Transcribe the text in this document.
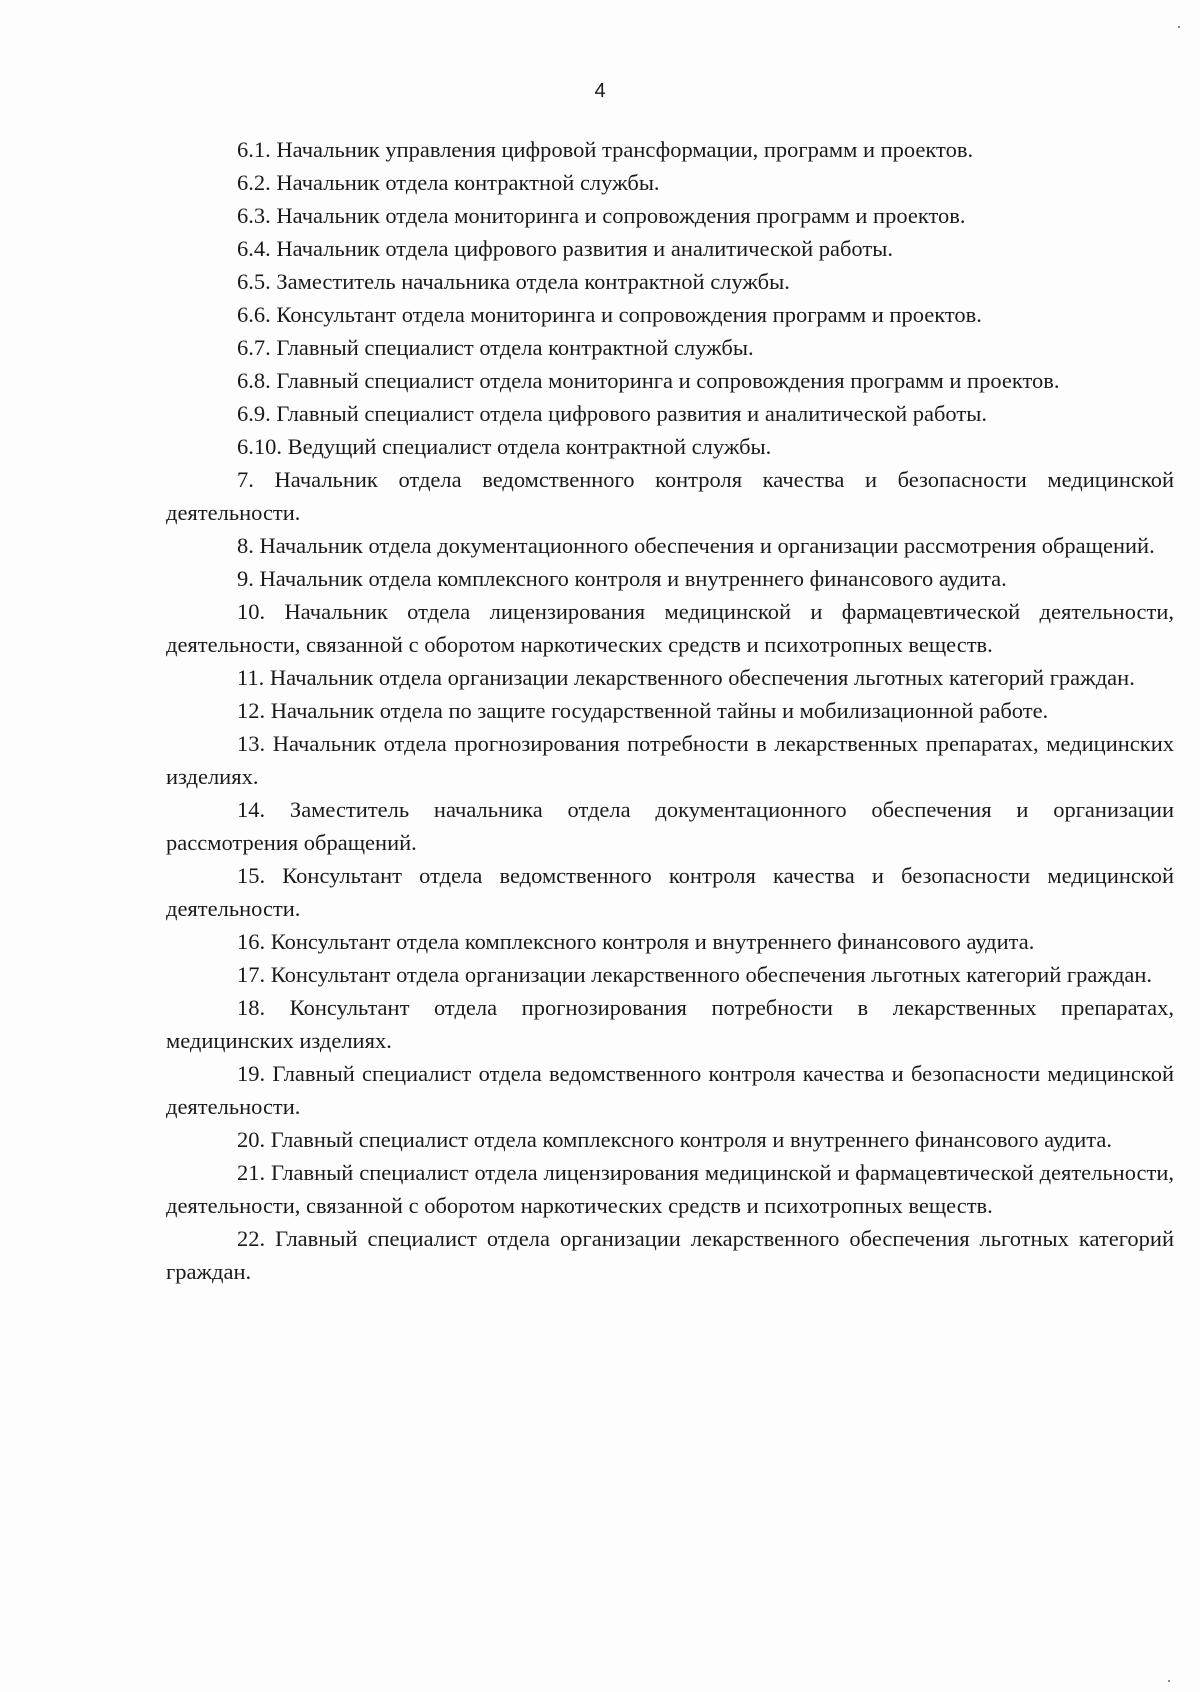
4

6.1. Начальник управления цифровой трансформации, программ и проектов.

6.2. Начальник отдела контрактной службы.

6.3. Начальник отдела мониторинга и сопровождения программ и проектов.

6.4. Начальник отдела цифрового развития и аналитической работы.

6.5. Заместитель начальника отдела контрактной службы.

6.6. Консультант отдела мониторинга и сопровождения программ и проектов.

6.7. Главный специалист отдела контрактной службы.

6.8. Главный специалист отдела мониторинга и сопровождения программ и проектов.

6.9. Главный специалист отдела цифрового развития и аналитической работы.

6.10. Ведущий специалист отдела контрактной службы.

7. Начальник отдела ведомственного контроля качества и безопасности медицинской деятельности.

8. Начальник отдела документационного обеспечения и организации рассмотрения обращений.

9. Начальник отдела комплексного контроля и внутреннего финансового аудита.

10. Начальник отдела лицензирования медицинской и фармацевтической деятельности, деятельности, связанной с оборотом наркотических средств и психотропных веществ.

11. Начальник отдела организации лекарственного обеспечения льготных категорий граждан.

12. Начальник отдела по защите государственной тайны и мобилизационной работе.

13. Начальник отдела прогнозирования потребности в лекарственных препаратах, медицинских изделиях.

14. Заместитель начальника отдела документационного обеспечения и организации рассмотрения обращений.

15. Консультант отдела ведомственного контроля качества и безопасности медицинской деятельности.

16. Консультант отдела комплексного контроля и внутреннего финансового аудита.

17. Консультант отдела организации лекарственного обеспечения льготных категорий граждан.

18. Консультант отдела прогнозирования потребности в лекарственных препаратах, медицинских изделиях.

19. Главный специалист отдела ведомственного контроля качества и безопасности медицинской деятельности.

20. Главный специалист отдела комплексного контроля и внутреннего финансового аудита.

21. Главный специалист отдела лицензирования медицинской и фармацевтической деятельности, деятельности, связанной с оборотом наркотических средств и психотропных веществ.

22. Главный специалист отдела организации лекарственного обеспечения льготных категорий граждан.
